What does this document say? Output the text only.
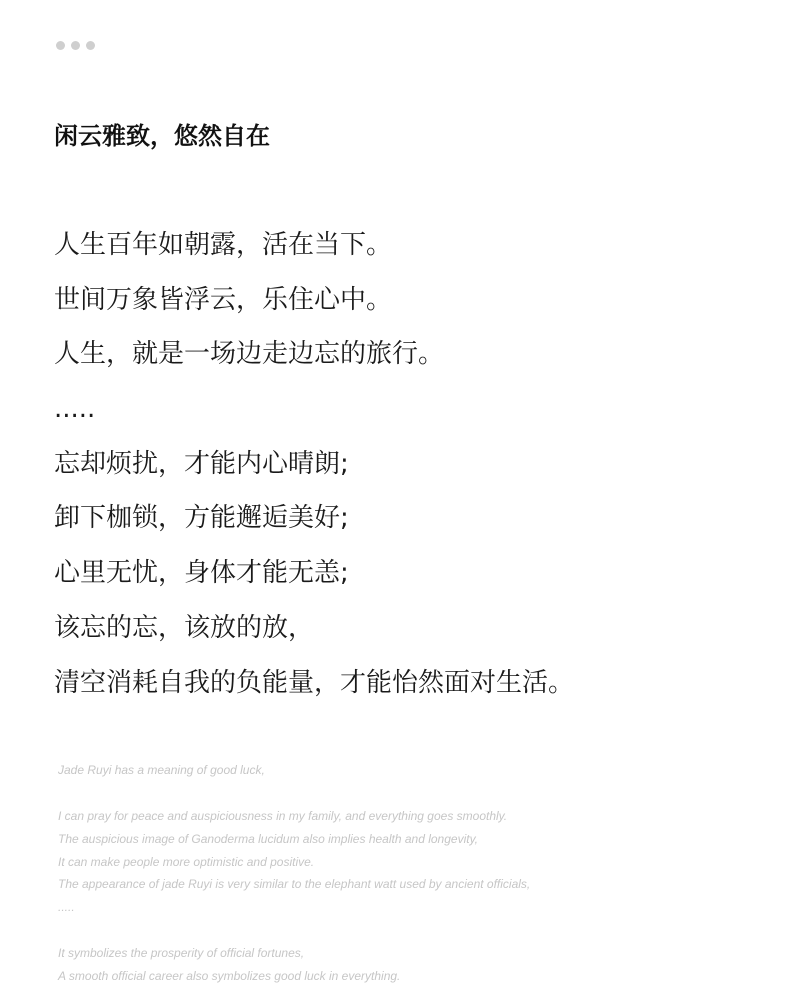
闲云雅致，悠然自在
人生百年如朝露，活在当下。
世间万象皆浮云，乐住心中。
人生，就是一场边走边忘的旅行。
.....
忘却烦扰，才能内心晴朗;
卸下枷锁，方能邂逅美好;
心里无忧，身体才能无恙;
该忘的忘，该放的放，
清空消耗自我的负能量，才能怡然面对生活。
Jade Ruyi has a meaning of good luck,
I can pray for peace and auspiciousness in my family, and everything goes smoothly.
The auspicious image of Ganoderma lucidum also implies health and longevity,
It can make people more optimistic and positive.
The appearance of jade Ruyi is very similar to the elephant watt used by ancient officials,
.....
It symbolizes the prosperity of official fortunes,
A smooth official career also symbolizes good luck in everything.
